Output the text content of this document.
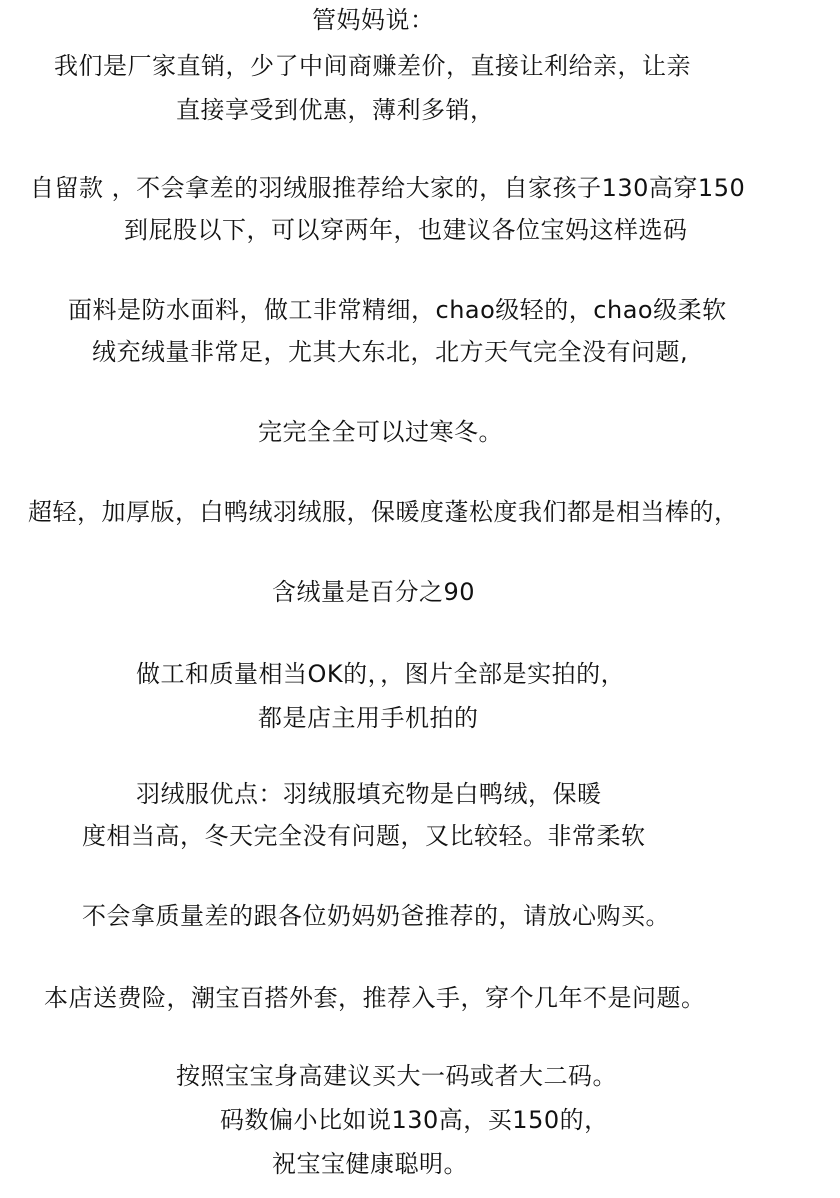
管妈妈说：
我们是厂家直销，少了中间商赚差价，直接让利给亲，让亲
直接享受到优惠，薄利多销，
自留款 ，不会拿差的羽绒服推荐给大家的，自家孩子130高穿150
到屁股以下，可以穿两年，也建议各位宝妈这样选码
面料是防水面料，做工非常精细，chao级轻的，chao级柔软
绒充绒量非常足，尤其大东北，北方天气完全没有问题,
完完全全可以过寒冬。
超轻，加厚版，白鸭绒羽绒服，保暖度蓬松度我们都是相当棒的，
含绒量是百分之90
做工和质量相当OK的，，图片全部是实拍的，
都是店主用手机拍的
羽绒服优点：羽绒服填充物是白鸭绒，保暖
度相当高，冬天完全没有问题，又比较轻。非常柔软
不会拿质量差的跟各位奶妈奶爸推荐的，请放心购买。
本店送费险，潮宝百搭外套，推荐入手，穿个几年不是问题。
按照宝宝身高建议买大一码或者大二码。
码数偏小比如说130高，买150的，
祝宝宝健康聪明。
